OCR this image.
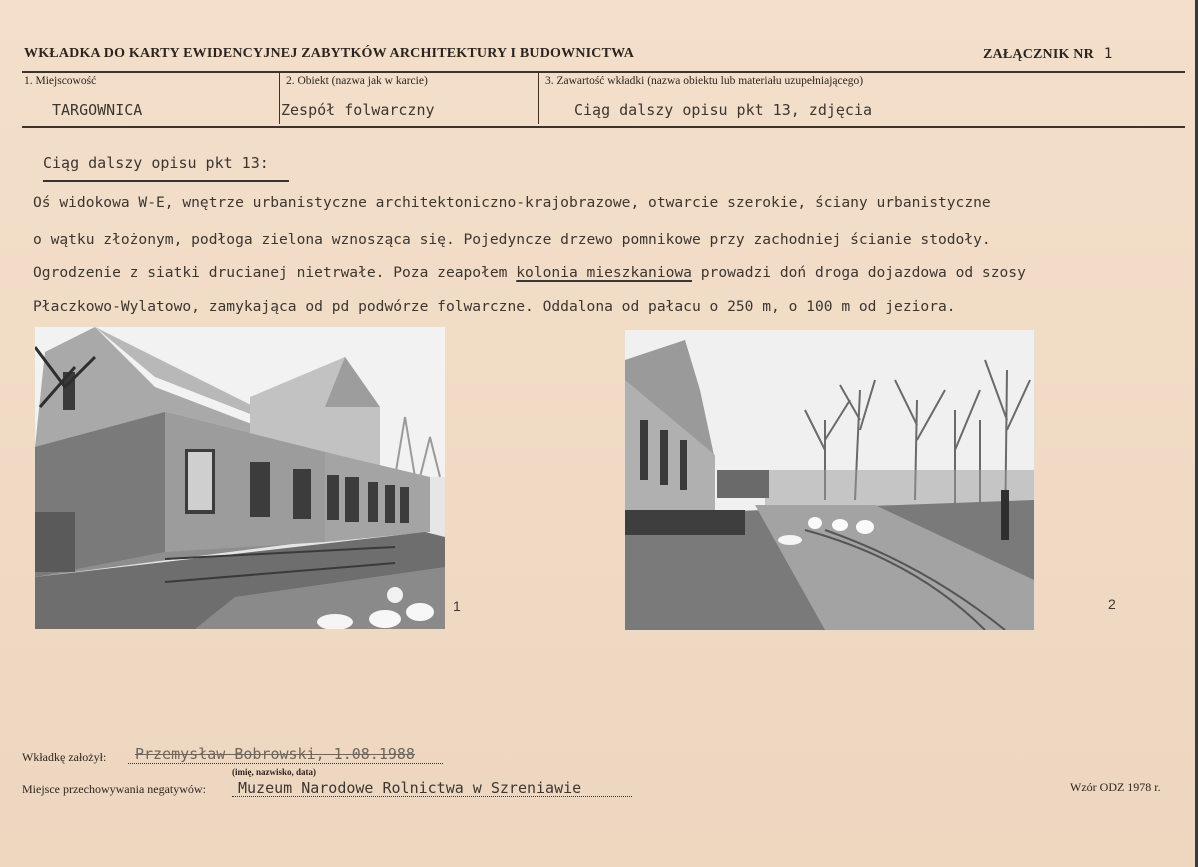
WKŁADKA DO KARTY EWIDENCYJNEJ ZABYTKÓW ARCHITEKTURY I BUDOWNICTWA	ZAŁĄCZNIK NR 1
1. Miejscowość	2. Obiekt (nazwa jak w karcie)	3. Zawartość wkładki (nazwa obiektu lub materiału uzupełniającego)
TARGOWNICA	Zespół folwarczny	Ciąg dalszy opisu pkt 13, zdjęcia
Ciąg dalszy opisu pkt 13:
Oś widokowa W-E, wnętrze urbanistyczne architektoniczno-krajobrazowe, otwarcie szerokie, ściany urbanistyczne
o wątku złożonym, podłoga zielona wznosząca się. Pojedyncze drzewo pomnikowe przy zachodniej ścianie stodoły.
Ogrodzenie z siatki drucianej nietrwałe. Poza zeapołem kolonia mieszkaniowa prowadzi doń droga dojazdowa od szosy
Płaczkowo-Wylatowo, zamykająca od pd podwórze folwarczne. Oddalona od pałacu o 250 m, o 100 m od jeziora.
1	2
Wkładkę założył: Przemysław Bobrowski, 1.08.1988
(imię, nazwisko, data)
Miejsce przechowywania negatywów: Muzeum Narodowe Rolnictwa w Szreniawie	Wzór ODZ 1978 r.
